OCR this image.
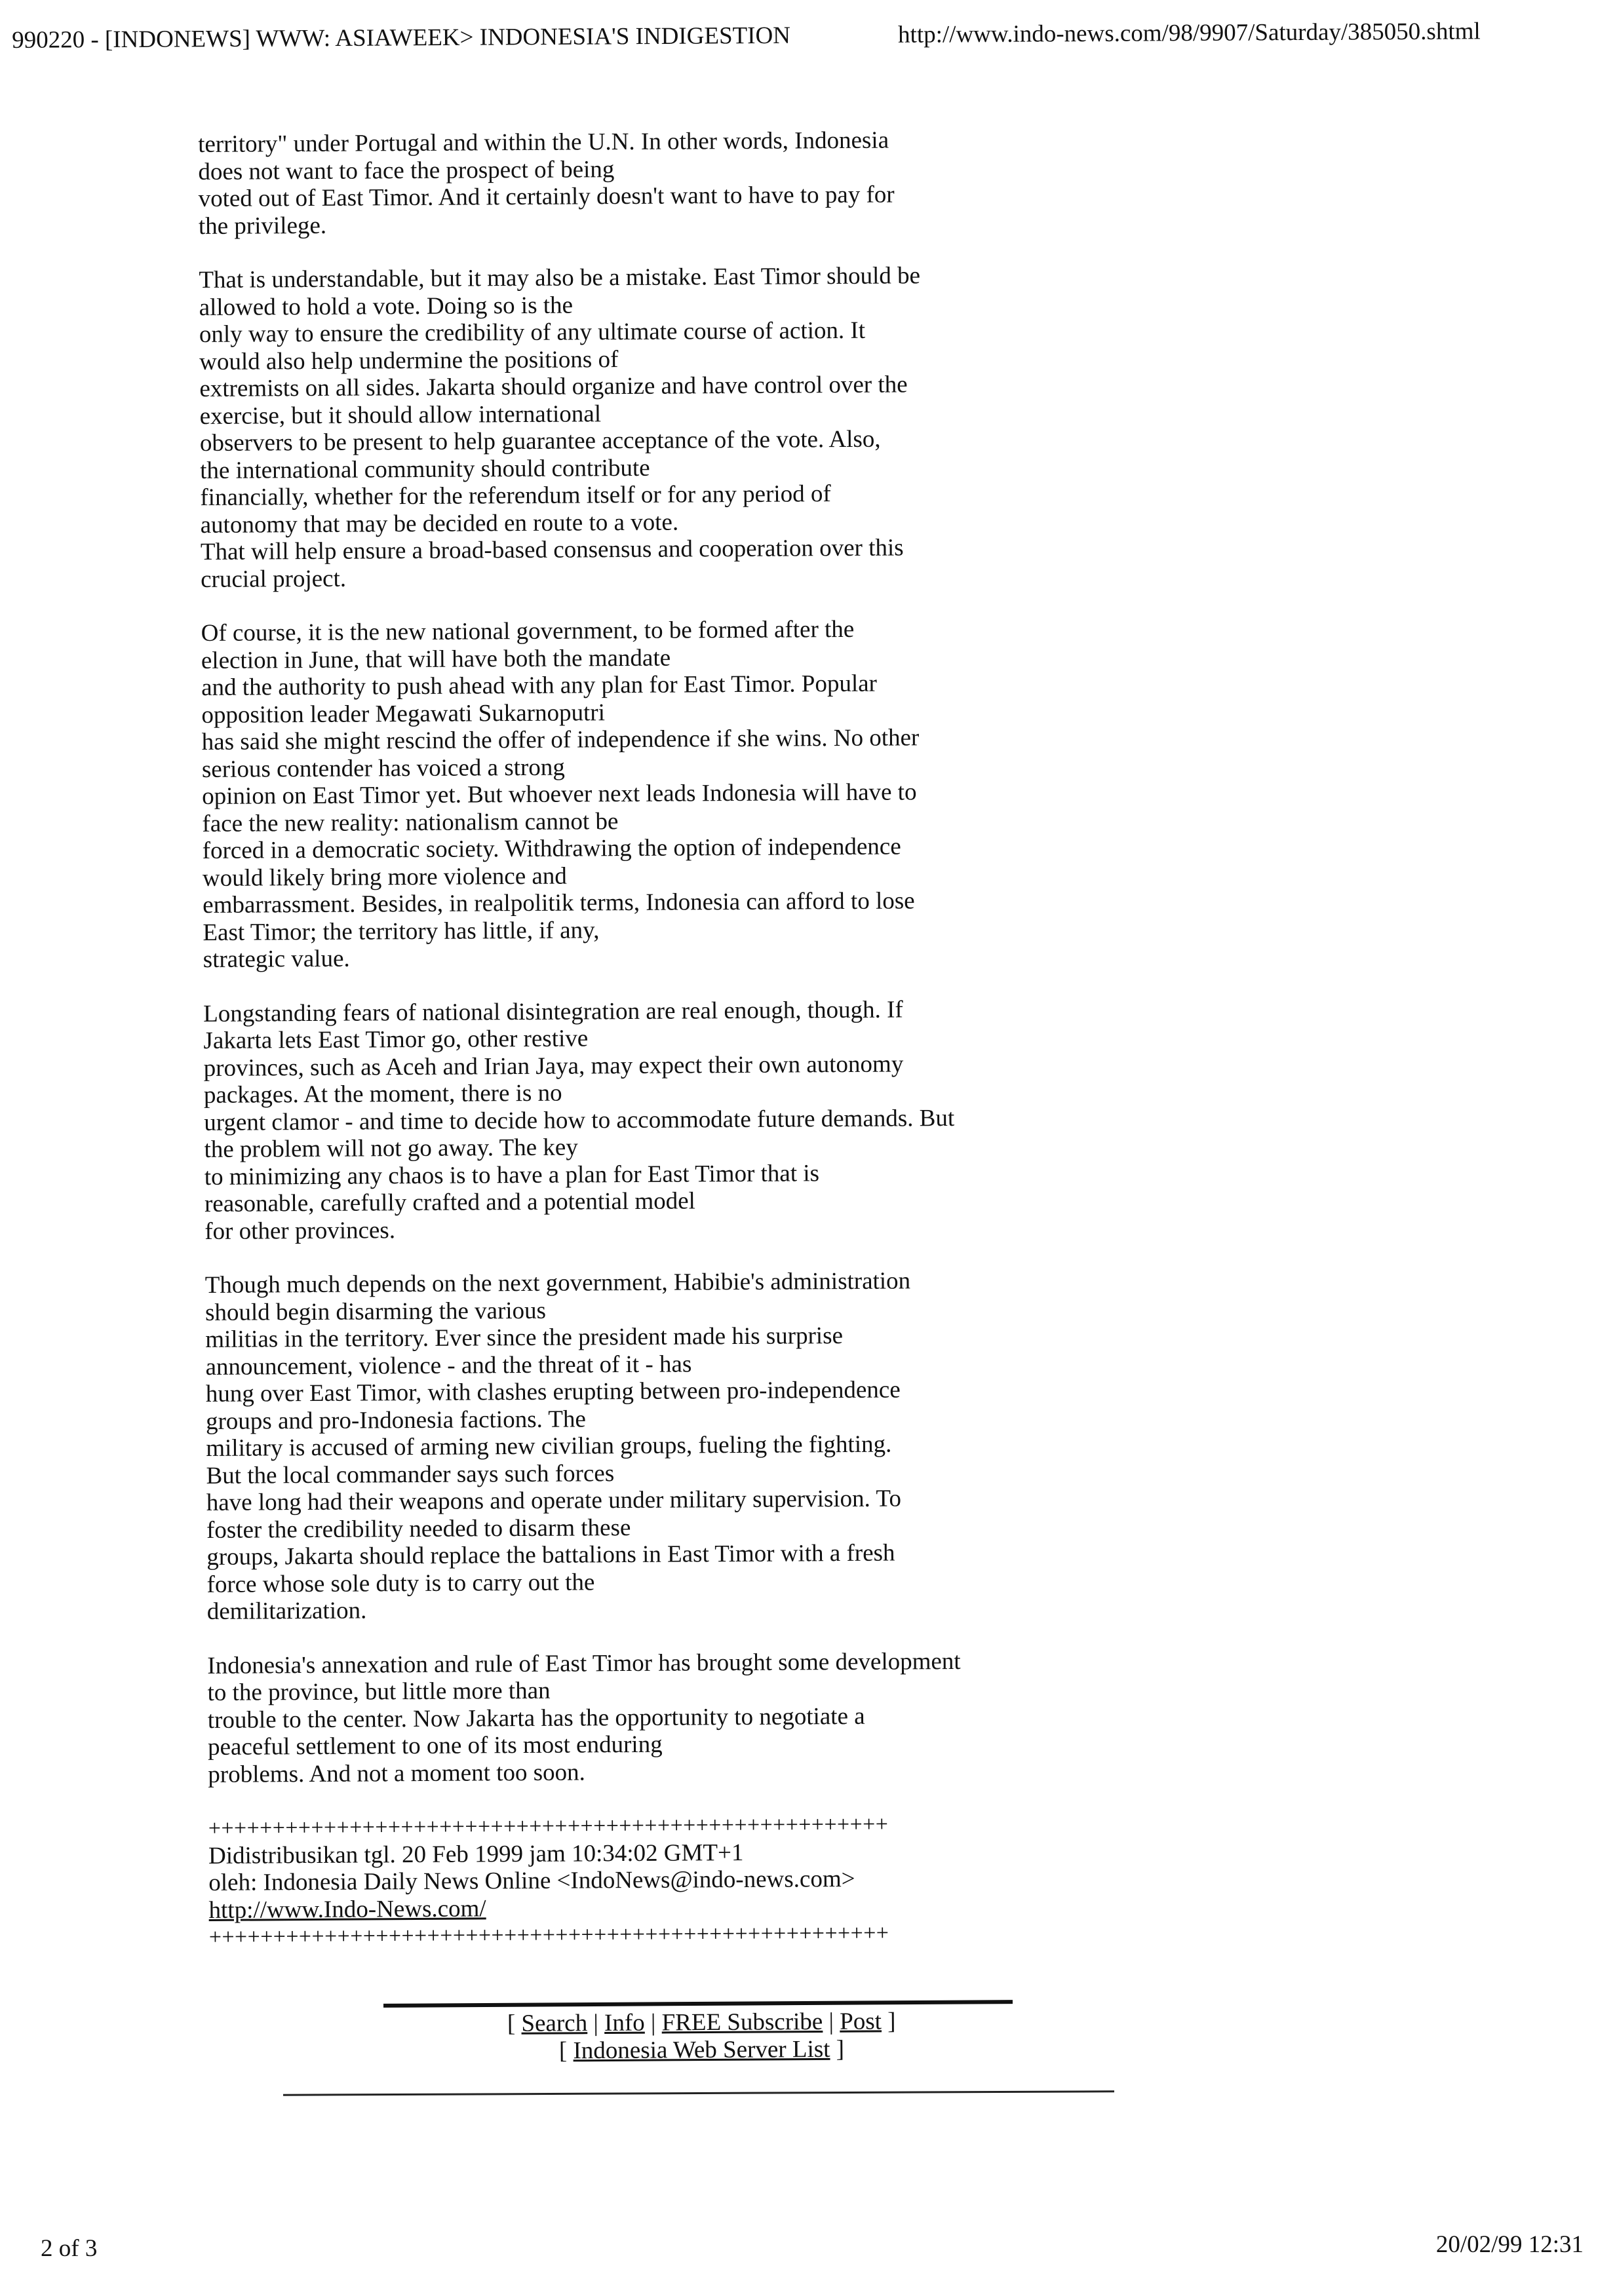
990220 - [INDONEWS] WWW: ASIAWEEK> INDONESIA'S INDIGESTION	http://www.indo-news.com/98/9907/Saturday/385050.shtml
territory" under Portugal and within the U.N. In other words, Indonesia
does not want to face the prospect of being
voted out of East Timor. And it certainly doesn't want to have to pay for
the privilege.
That is understandable, but it may also be a mistake. East Timor should be
allowed to hold a vote. Doing so is the
only way to ensure the credibility of any ultimate course of action. It
would also help undermine the positions of
extremists on all sides. Jakarta should organize and have control over the
exercise, but it should allow international
observers to be present to help guarantee acceptance of the vote. Also,
the international community should contribute
financially, whether for the referendum itself or for any period of
autonomy that may be decided en route to a vote.
That will help ensure a broad-based consensus and cooperation over this
crucial project.
Of course, it is the new national government, to be formed after the
election in June, that will have both the mandate
and the authority to push ahead with any plan for East Timor. Popular
opposition leader Megawati Sukarnoputri
has said she might rescind the offer of independence if she wins. No other
serious contender has voiced a strong
opinion on East Timor yet. But whoever next leads Indonesia will have to
face the new reality: nationalism cannot be
forced in a democratic society. Withdrawing the option of independence
would likely bring more violence and
embarrassment. Besides, in realpolitik terms, Indonesia can afford to lose
East Timor; the territory has little, if any,
strategic value.
Longstanding fears of national disintegration are real enough, though. If
Jakarta lets East Timor go, other restive
provinces, such as Aceh and Irian Jaya, may expect their own autonomy
packages. At the moment, there is no
urgent clamor - and time to decide how to accommodate future demands. But
the problem will not go away. The key
to minimizing any chaos is to have a plan for East Timor that is
reasonable, carefully crafted and a potential model
for other provinces.
Though much depends on the next government, Habibie's administration
should begin disarming the various
militias in the territory. Ever since the president made his surprise
announcement, violence - and the threat of it - has
hung over East Timor, with clashes erupting between pro-independence
groups and pro-Indonesia factions. The
military is accused of arming new civilian groups, fueling the fighting.
But the local commander says such forces
have long had their weapons and operate under military supervision. To
foster the credibility needed to disarm these
groups, Jakarta should replace the battalions in East Timor with a fresh
force whose sole duty is to carry out the
demilitarization.
Indonesia's annexation and rule of East Timor has brought some development
to the province, but little more than
trouble to the center. Now Jakarta has the opportunity to negotiate a
peaceful settlement to one of its most enduring
problems. And not a moment too soon.
+++++++++++++++++++++++++++++++++++++++++++++++++++++
Didistribusikan tgl. 20 Feb 1999 jam 10:34:02 GMT+1
oleh: Indonesia Daily News Online <IndoNews@indo-news.com>
http://www.Indo-News.com/
+++++++++++++++++++++++++++++++++++++++++++++++++++++
[ Search | Info | FREE Subscribe | Post ]
[ Indonesia Web Server List ]
2 of 3	20/02/99 12:31
